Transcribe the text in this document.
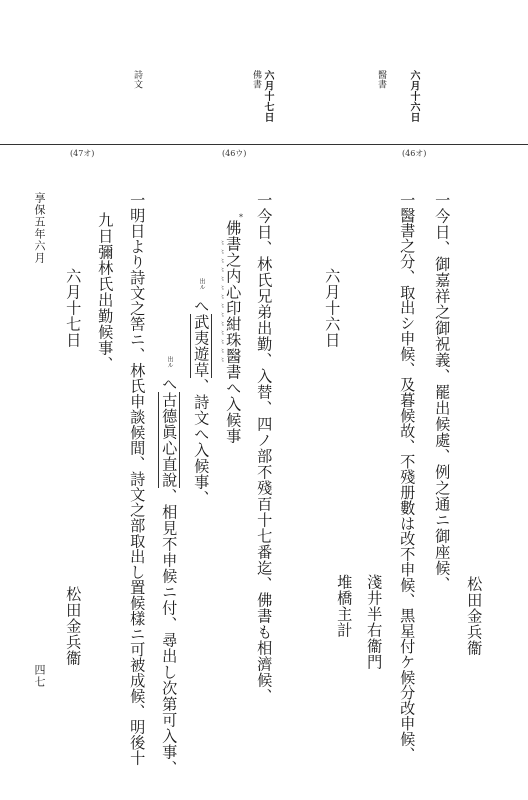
六月十六日
醫書
六月十七日
佛書
詩文
(46オ)
(46ウ)
(47オ)
享保五年六月
四七
松田金兵衞
一今日、御嘉祥之御祝義、罷出候處、例之通ニ御座候、
一醫書之分、取出シ申候、及暮候故、不殘册數は改不申候、黒星付ケ候分改申候、
淺井半右衞門
堆橋主計
六月十六日
一今日、林氏兄弟出勤、入替、四ノ部不殘百十七番迄、佛書も相濟候、
佛書之内心印紺珠醫書へ入候事
*
〻〻〻〻〻〻〻〻〻〻〻〻〻〻
出ル
へ武夷遊草、詩文へ入候事、
出ル
へ古德眞心直說、相見不申候ニ付、尋出し次第可入事、
一明日より詩文之筈ニ、林氏申談候間、詩文之部取出し置候樣ニ可被成候、明後十
九日彌林氏出勤候事、
六月十七日
松田金兵衞
